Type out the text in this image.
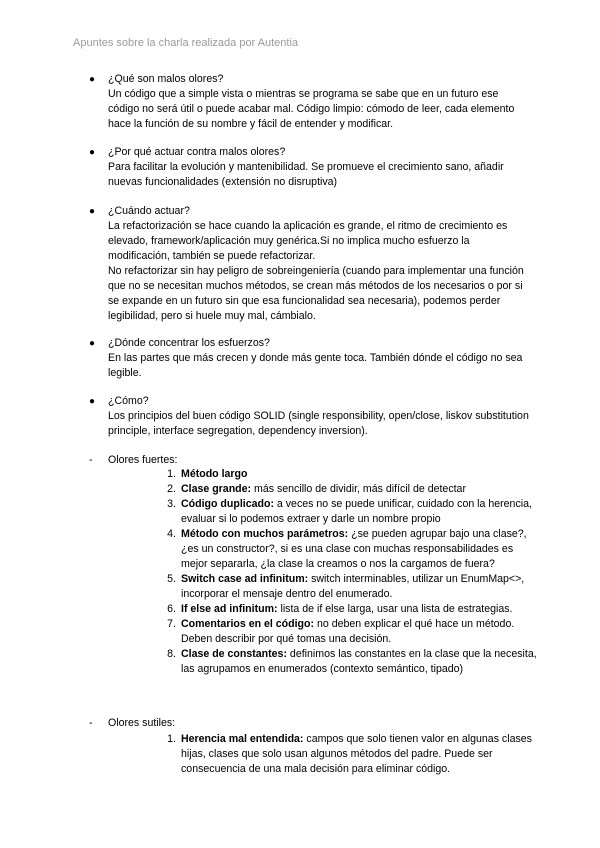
Apuntes sobre la charla realizada por Autentia
● ¿Qué son malos olores?

Un código que a simple vista o mientras se programa se sabe que en un futuro ese código no será útil o puede acabar mal. Código limpio: cómodo de leer, cada elemento hace la función de su nombre y fácil de entender y modificar.

● ¿Por qué actuar contra malos olores?

Para facilitar la evolución y mantenibilidad. Se promueve el crecimiento sano, añadir nuevas funcionalidades (extensión no disruptiva)

● ¿Cuándo actuar?

La refactorización se hace cuando la aplicación es grande, el ritmo de crecimiento es elevado, framework/aplicación muy genérica.Si no implica mucho esfuerzo la modificación, también se puede refactorizar.

No refactorizar sin hay peligro de sobreingeniería (cuando para implementar una función que no se necesitan muchos métodos, se crean más métodos de los necesarios o por si se expande en un futuro sin que esa funcionalidad sea necesaria), podemos perder legibilidad, pero si huele muy mal, cámbialo.

● ¿Dónde concentrar los esfuerzos?

En las partes que más crecen y donde más gente toca. También dónde el código no sea legible.

● ¿Cómo?

Los principios del buen código SOLID (single responsibility, open/close, liskov substitution principle, interface segregation, dependency inversion).

- Olores fuertes:
1. Método largo
2. Clase grande: más sencillo de dividir, más difícil de detectar
3. Código duplicado: a veces no se puede unificar, cuidado con la herencia, evaluar si lo podemos extraer y darle un nombre propio
4. Método con muchos parámetros: ¿se pueden agrupar bajo una clase?, ¿es un constructor?, si es una clase con muchas responsabilidades es mejor separarla, ¿la clase la creamos o nos la cargamos de fuera?
5. Switch case ad infinitum: switch interminables, utilizar un EnumMap<>, incorporar el mensaje dentro del enumerado.
6. If else ad infinitum: lista de if else larga, usar una lista de estrategias.
7. Comentarios en el código: no deben explicar el qué hace un método. Deben describir por qué tomas una decisión.
8. Clase de constantes: definimos las constantes en la clase que la necesita, las agrupamos en enumerados (contexto semántico, tipado)
- Olores sutiles:
1. Herencia mal entendida: campos que solo tienen valor en algunas clases hijas, clases que solo usan algunos métodos del padre. Puede ser consecuencia de una mala decisión para eliminar código.
